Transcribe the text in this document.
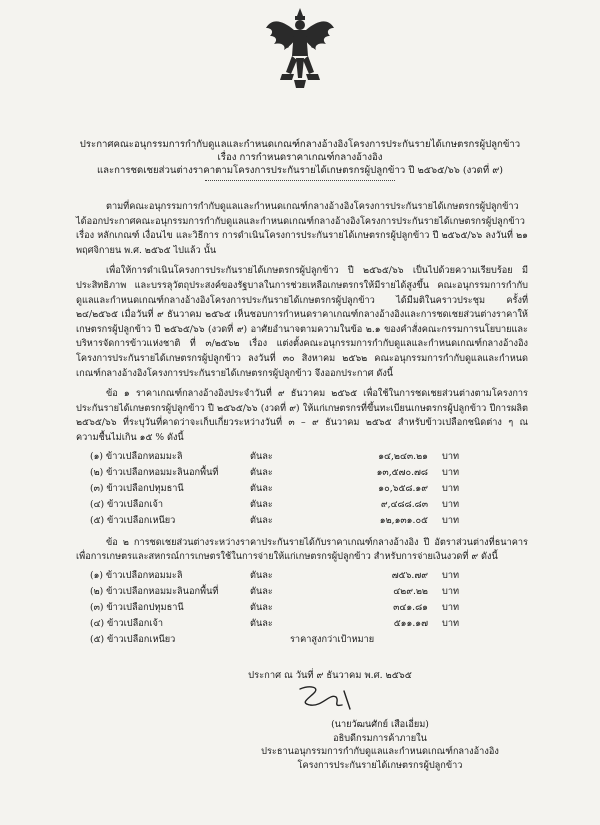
ประกาศคณะอนุกรรมการกำกับดูแลและกำหนดเกณฑ์กลางอ้างอิงโครงการประกันรายได้เกษตรกรผู้ปลูกข้าว
เรื่อง การกำหนดราคาเกณฑ์กลางอ้างอิง
และการชดเชยส่วนต่างราคาตามโครงการประกันรายได้เกษตรกรผู้ปลูกข้าว ปี ๒๕๖๕/๖๖ (งวดที่ ๙)

ตามที่คณะอนุกรรมการกำกับดูแลและกำหนดเกณฑ์กลางอ้างอิงโครงการประกันรายได้เกษตรกรผู้ปลูกข้าว ได้ออกประกาศคณะอนุกรรมการกำกับดูแลและกำหนดเกณฑ์กลางอ้างอิงโครงการประกันรายได้เกษตรกรผู้ปลูกข้าว เรื่อง หลักเกณฑ์ เงื่อนไข และวิธีการ การดำเนินโครงการประกันรายได้เกษตรกรผู้ปลูกข้าว ปี ๒๕๖๕/๖๖ ลงวันที่ ๒๑ พฤศจิกายน พ.ศ. ๒๕๖๕ ไปแล้ว นั้น

เพื่อให้การดำเนินโครงการประกันรายได้เกษตรกรผู้ปลูกข้าว ปี ๒๕๖๕/๖๖ เป็นไปด้วยความเรียบร้อย มีประสิทธิภาพ และบรรลุวัตถุประสงค์ของรัฐบาลในการช่วยเหลือเกษตรกรให้มีรายได้สูงขึ้น คณะอนุกรรมการกำกับดูแลและกำหนดเกณฑ์กลางอ้างอิงโครงการประกันรายได้เกษตรกรผู้ปลูกข้าว ได้มีมติในคราวประชุม ครั้งที่ ๒๔/๒๕๖๕ เมื่อวันที่ ๙ ธันวาคม ๒๕๖๕ เห็นชอบการกำหนดราคาเกณฑ์กลางอ้างอิงและการชดเชยส่วนต่างราคาให้เกษตรกรผู้ปลูกข้าว ปี ๒๕๖๕/๖๖ (งวดที่ ๙) อาศัยอำนาจตามความในข้อ ๒.๑ ของคำสั่งคณะกรรมการนโยบายและบริหารจัดการข้าวแห่งชาติ ที่ ๓/๒๕๖๒ เรื่อง แต่งตั้งคณะอนุกรรมการกำกับดูแลและกำหนดเกณฑ์กลางอ้างอิงโครงการประกันรายได้เกษตรกรผู้ปลูกข้าว ลงวันที่ ๓๐ สิงหาคม ๒๕๖๒ คณะอนุกรรมการกำกับดูแลและกำหนดเกณฑ์กลางอ้างอิงโครงการประกันรายได้เกษตรกรผู้ปลูกข้าว จึงออกประกาศ ดังนี้

ข้อ ๑ ราคาเกณฑ์กลางอ้างอิงประจำวันที่ ๙ ธันวาคม ๒๕๖๕ เพื่อใช้ในการชดเชยส่วนต่างตามโครงการประกันรายได้เกษตรกรผู้ปลูกข้าว ปี ๒๕๖๕/๖๖ (งวดที่ ๙) ให้แก่เกษตรกรที่ขึ้นทะเบียนเกษตรกรผู้ปลูกข้าว ปีการผลิต ๒๕๖๕/๖๖ ที่ระบุวันที่คาดว่าจะเก็บเกี่ยวระหว่างวันที่ ๓ – ๙ ธันวาคม ๒๕๖๕ สำหรับข้าวเปลือกชนิดต่าง ๆ ณ ความชื้นไม่เกิน ๑๕ % ดังนี้

(๑) ข้าวเปลือกหอมมะลิ	ตันละ	๑๔,๒๔๓.๒๑	บาท
(๒) ข้าวเปลือกหอมมะลินอกพื้นที่	ตันละ	๑๓,๕๗๐.๗๘	บาท
(๓) ข้าวเปลือกปทุมธานี	ตันละ	๑๐,๖๕๘.๑๙	บาท
(๔) ข้าวเปลือกเจ้า	ตันละ	๙,๔๘๘.๘๓	บาท
(๕) ข้าวเปลือกเหนียว	ตันละ	๑๒,๑๓๑.๐๕	บาท

ข้อ ๒ การชดเชยส่วนต่างระหว่างราคาประกันรายได้กับราคาเกณฑ์กลางอ้างอิง ปี อัตราส่วนต่างที่ธนาคารเพื่อการเกษตรและสหกรณ์การเกษตรใช้ในการจ่ายให้แก่เกษตรกรผู้ปลูกข้าว สำหรับการจ่ายเงินงวดที่ ๙ ดังนี้

(๑) ข้าวเปลือกหอมมะลิ	ตันละ	๗๕๖.๗๙	บาท
(๒) ข้าวเปลือกหอมมะลินอกพื้นที่	ตันละ	๔๒๙.๒๒	บาท
(๓) ข้าวเปลือกปทุมธานี	ตันละ	๓๔๑.๘๑	บาท
(๔) ข้าวเปลือกเจ้า	ตันละ	๕๑๑.๑๗	บาท
(๕) ข้าวเปลือกเหนียว	ราคาสูงกว่าเป้าหมาย		
ประกาศ ณ วันที่ ๙ ธันวาคม พ.ศ. ๒๕๖๕
(นายวัฒนศักย์ เสือเอี่ยม)
อธิบดีกรมการค้าภายใน
ประธานอนุกรรมการกำกับดูแลและกำหนดเกณฑ์กลางอ้างอิง
โครงการประกันรายได้เกษตรกรผู้ปลูกข้าว
